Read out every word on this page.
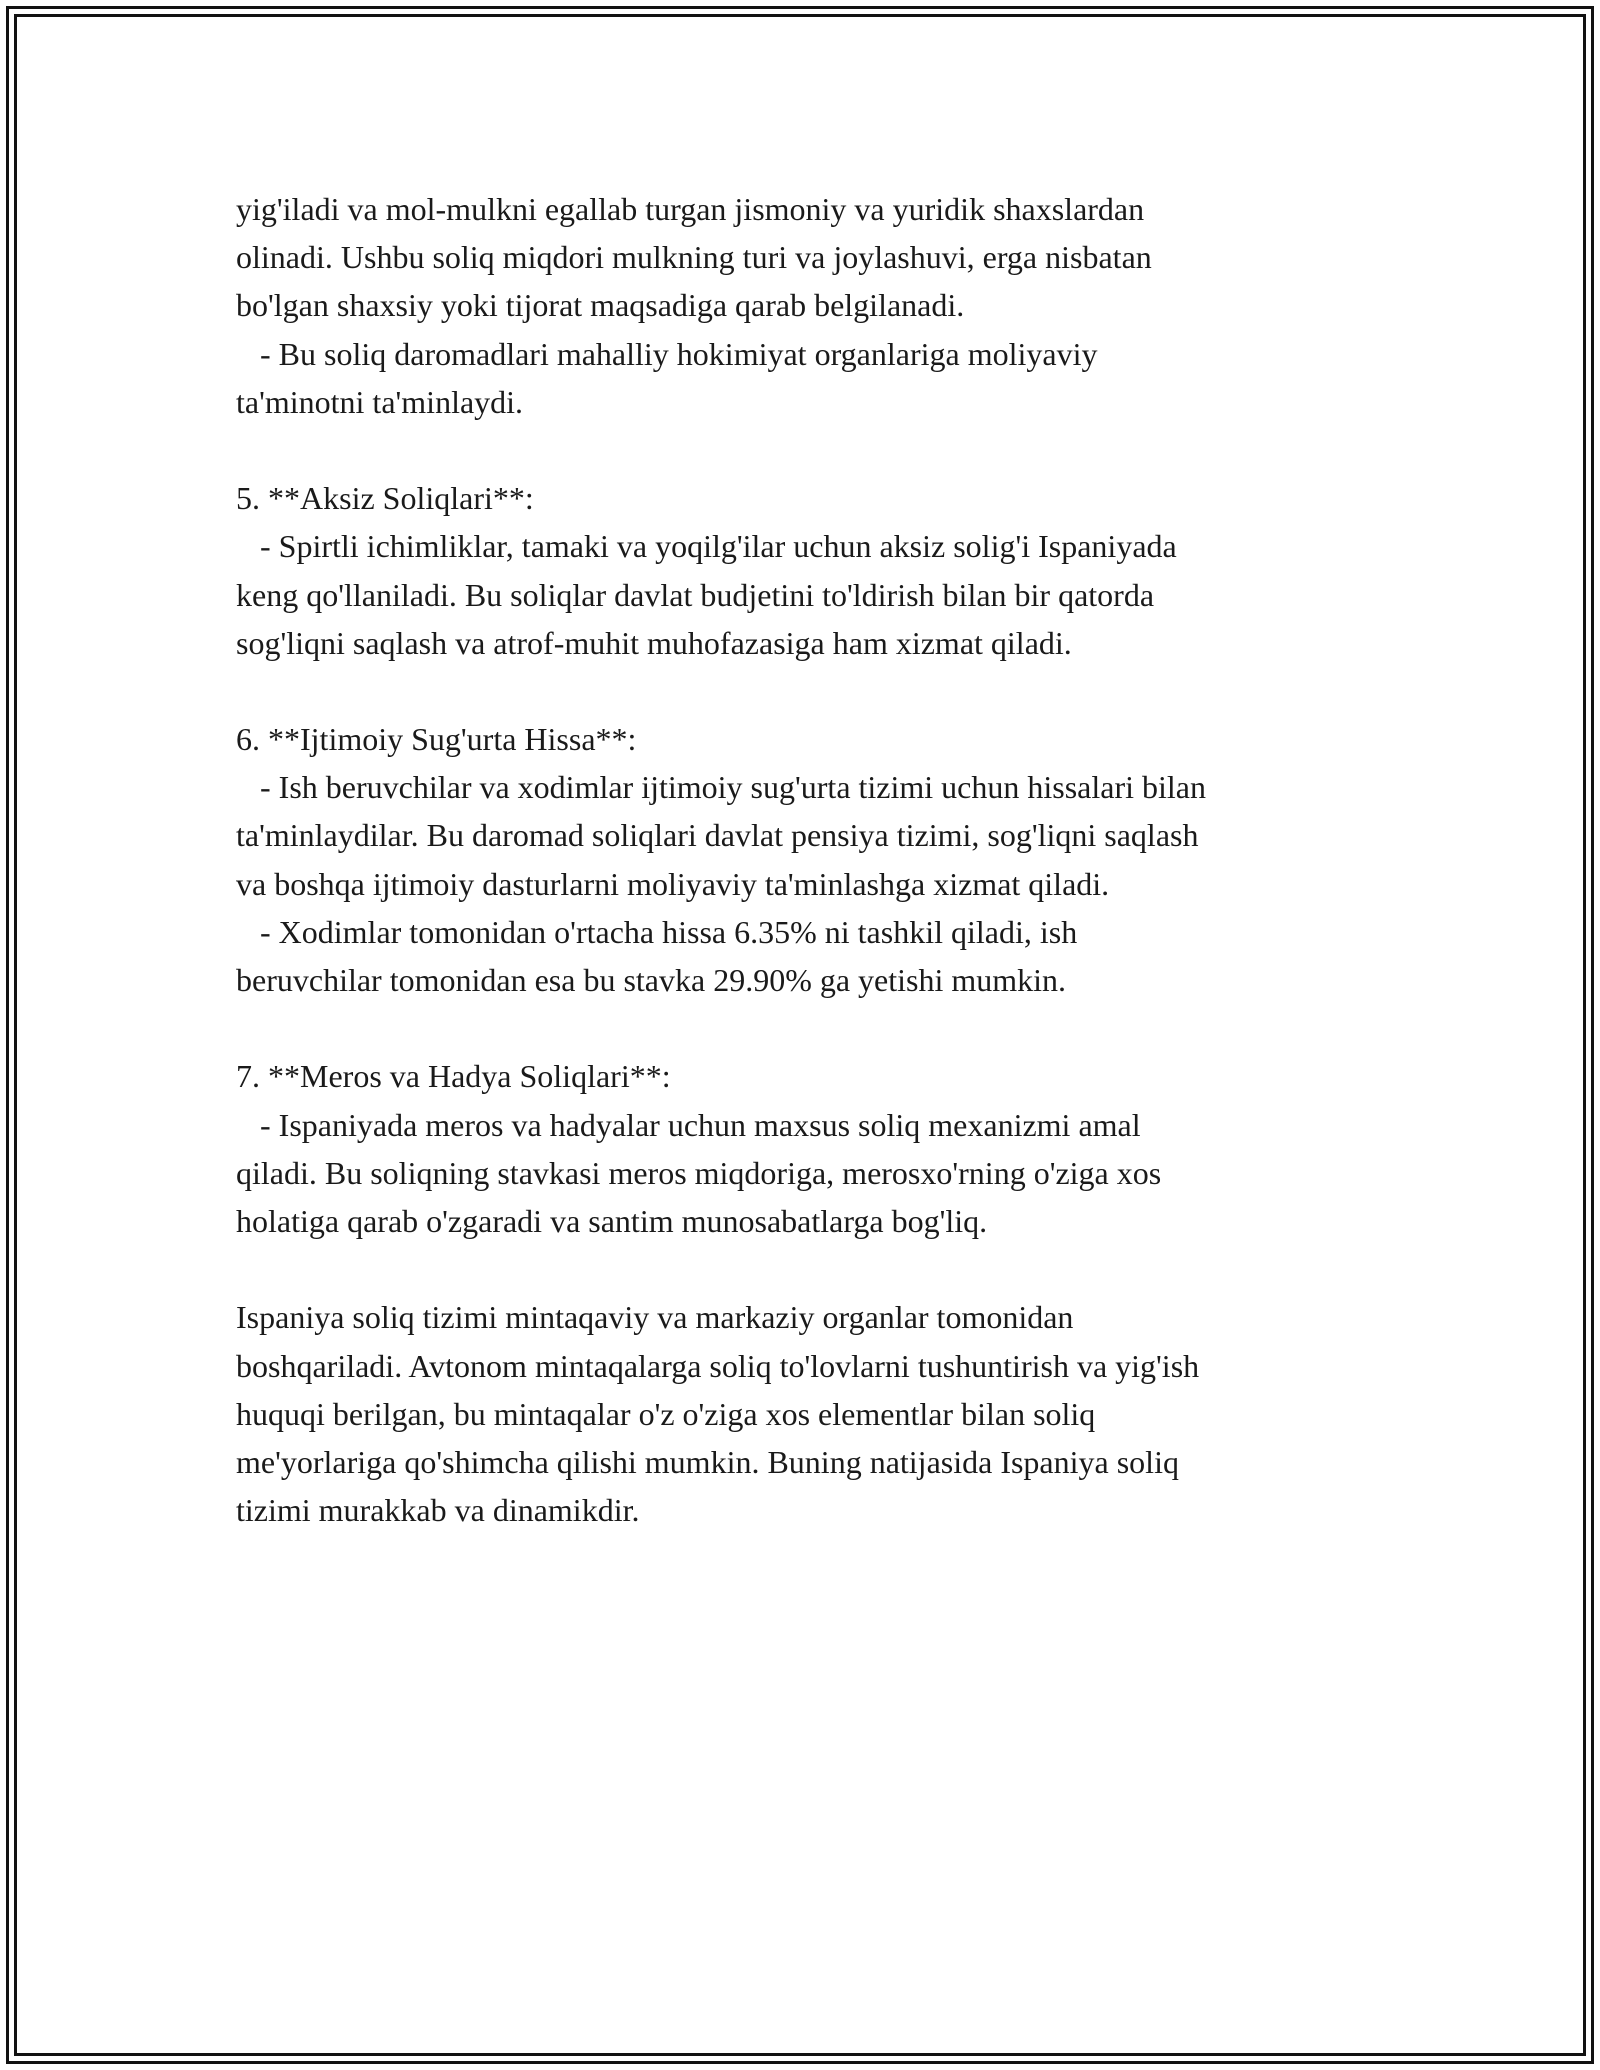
yig'iladi va mol-mulkni egallab turgan jismoniy va yuridik shaxslardan
olinadi. Ushbu soliq miqdori mulkning turi va joylashuvi, erga nisbatan
bo'lgan shaxsiy yoki tijorat maqsadiga qarab belgilanadi.
- Bu soliq daromadlari mahalliy hokimiyat organlariga moliyaviy
ta'minotni ta'minlaydi.
5. **Aksiz Soliqlari**:
- Spirtli ichimliklar, tamaki va yoqilg'ilar uchun aksiz solig'i Ispaniyada
keng qo'llaniladi. Bu soliqlar davlat budjetini to'ldirish bilan bir qatorda
sog'liqni saqlash va atrof-muhit muhofazasiga ham xizmat qiladi.
6. **Ijtimoiy Sug'urta Hissa**:
- Ish beruvchilar va xodimlar ijtimoiy sug'urta tizimi uchun hissalari bilan
ta'minlaydilar. Bu daromad soliqlari davlat pensiya tizimi, sog'liqni saqlash
va boshqa ijtimoiy dasturlarni moliyaviy ta'minlashga xizmat qiladi.
- Xodimlar tomonidan o'rtacha hissa 6.35% ni tashkil qiladi, ish
beruvchilar tomonidan esa bu stavka 29.90% ga yetishi mumkin.
7. **Meros va Hadya Soliqlari**:
- Ispaniyada meros va hadyalar uchun maxsus soliq mexanizmi amal
qiladi. Bu soliqning stavkasi meros miqdoriga, merosxo'rning o'ziga xos
holatiga qarab o'zgaradi va santim munosabatlarga bog'liq.
Ispaniya soliq tizimi mintaqaviy va markaziy organlar tomonidan
boshqariladi. Avtonom mintaqalarga soliq to'lovlarni tushuntirish va yig'ish
huquqi berilgan, bu mintaqalar o'z o'ziga xos elementlar bilan soliq
me'yorlariga qo'shimcha qilishi mumkin. Buning natijasida Ispaniya soliq
tizimi murakkab va dinamikdir.
